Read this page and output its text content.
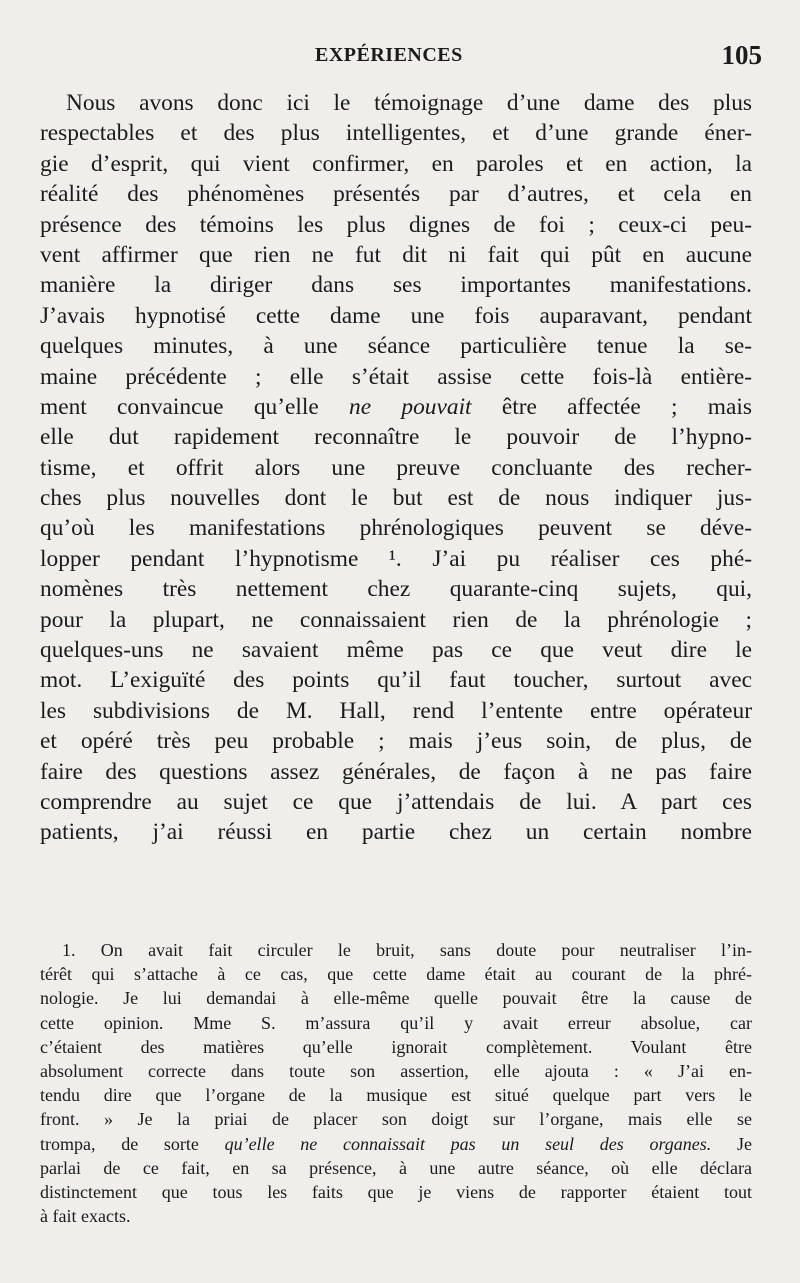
EXPÉRIENCES	105
Nous avons donc ici le témoignage d’une dame des plus
respectables et des plus intelligentes, et d’une grande éner-
gie d’esprit, qui vient confirmer, en paroles et en action, la
réalité des phénomènes présentés par d’autres, et cela en
présence des témoins les plus dignes de foi ; ceux-ci peu-
vent affirmer que rien ne fut dit ni fait qui pût en aucune
manière la diriger dans ses importantes manifestations.
J’avais hypnotisé cette dame une fois auparavant, pendant
quelques minutes, à une séance particulière tenue la se-
maine précédente ; elle s’était assise cette fois-là entière-
ment convaincue qu’elle ne pouvait être affectée ; mais
elle dut rapidement reconnaître le pouvoir de l’hypno-
tisme, et offrit alors une preuve concluante des recher-
ches plus nouvelles dont le but est de nous indiquer jus-
qu’où les manifestations phrénologiques peuvent se déve-
lopper pendant l’hypnotisme ¹. J’ai pu réaliser ces phé-
nomènes très nettement chez quarante-cinq sujets, qui,
pour la plupart, ne connaissaient rien de la phrénologie ;
quelques-uns ne savaient même pas ce que veut dire le
mot. L’exiguïté des points qu’il faut toucher, surtout avec
les subdivisions de M. Hall, rend l’entente entre opérateur
et opéré très peu probable ; mais j’eus soin, de plus, de
faire des questions assez générales, de façon à ne pas faire
comprendre au sujet ce que j’attendais de lui. A part ces
patients, j’ai réussi en partie chez un certain nombre
1. On avait fait circuler le bruit, sans doute pour neutraliser l’in-
térêt qui s’attache à ce cas, que cette dame était au courant de la phré-
nologie. Je lui demandai à elle-même quelle pouvait être la cause de
cette opinion. Mme S. m’assura qu’il y avait erreur absolue, car
c’étaient des matières qu’elle ignorait complètement. Voulant être
absolument correcte dans toute son assertion, elle ajouta : « J’ai en-
tendu dire que l’organe de la musique est situé quelque part vers le
front. » Je la priai de placer son doigt sur l’organe, mais elle se
trompa, de sorte qu’elle ne connaissait pas un seul des organes. Je
parlai de ce fait, en sa présence, à une autre séance, où elle déclara
distinctement que tous les faits que je viens de rapporter étaient tout
à fait exacts.
